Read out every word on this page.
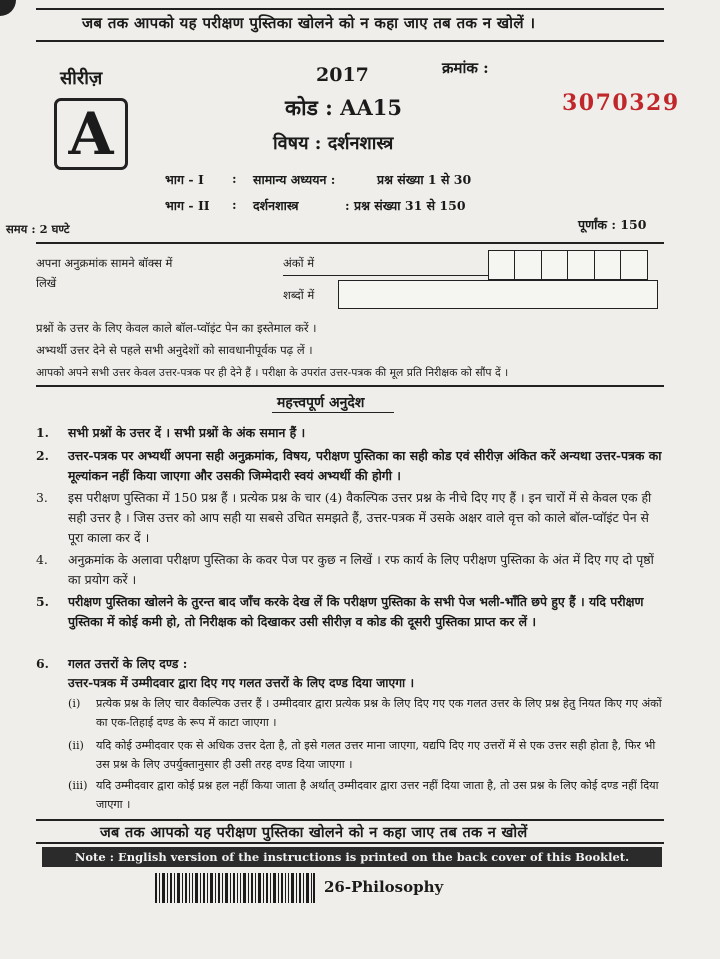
जब तक आपको यह परीक्षण पुस्तिका खोलने को न कहा जाए तब तक न खोलें ।
सीरीज़
A
2017	क्रमांक :
3070329
कोड : AA15
विषय : दर्शनशास्त्र
भाग - I : सामान्य अध्ययन :	प्रश्न संख्या 1 से 30
भाग - II : दर्शनशास्त्र	: प्रश्न संख्या 31 से 150
समय : 2 घण्टे	पूर्णांक : 150
अपना अनुक्रमांक सामने बॉक्स में
लिखें
अंकों में
शब्दों में
प्रश्नों के उत्तर के लिए केवल काले बॉल-प्वॉइंट पेन का इस्तेमाल करें ।
अभ्यर्थी उत्तर देने से पहले सभी अनुदेशों को सावधानीपूर्वक पढ़ लें ।
आपको अपने सभी उत्तर केवल उत्तर-पत्रक पर ही देने हैं । परीक्षा के उपरांत उत्तर-पत्रक की मूल प्रति निरीक्षक को सौंप दें ।
महत्त्वपूर्ण अनुदेश
1.	सभी प्रश्नों के उत्तर दें । सभी प्रश्नों के अंक समान हैं ।
2.	उत्तर-पत्रक पर अभ्यर्थी अपना सही अनुक्रमांक, विषय, परीक्षण पुस्तिका का सही कोड एवं सीरीज़ अंकित करें अन्यथा उत्तर-पत्रक का मूल्यांकन नहीं किया जाएगा और उसकी जिम्मेदारी स्वयं अभ्यर्थी की होगी ।
3.	इस परीक्षण पुस्तिका में 150 प्रश्न हैं । प्रत्येक प्रश्न के चार (4) वैकल्पिक उत्तर प्रश्न के नीचे दिए गए हैं । इन चारों में से केवल एक ही सही उत्तर है । जिस उत्तर को आप सही या सबसे उचित समझते हैं, उत्तर-पत्रक में उसके अक्षर वाले वृत्त को काले बॉल-प्वॉइंट पेन से पूरा काला कर दें ।
4.	अनुक्रमांक के अलावा परीक्षण पुस्तिका के कवर पेज पर कुछ न लिखें । रफ कार्य के लिए परीक्षण पुस्तिका के अंत में दिए गए दो पृष्ठों का प्रयोग करें ।
5.	परीक्षण पुस्तिका खोलने के तुरन्त बाद जाँच करके देख लें कि परीक्षण पुस्तिका के सभी पेज भली-भाँति छपे हुए हैं । यदि परीक्षण पुस्तिका में कोई कमी हो, तो निरीक्षक को दिखाकर उसी सीरीज़ व कोड की दूसरी पुस्तिका प्राप्त कर लें ।
6.	गलत उत्तरों के लिए दण्ड :
उत्तर-पत्रक में उम्मीदवार द्वारा दिए गए गलत उत्तरों के लिए दण्ड दिया जाएगा ।
(i)	प्रत्येक प्रश्न के लिए चार वैकल्पिक उत्तर हैं । उम्मीदवार द्वारा प्रत्येक प्रश्न के लिए दिए गए एक गलत उत्तर के लिए प्रश्न हेतु नियत किए गए अंकों का एक-तिहाई दण्ड के रूप में काटा जाएगा ।
(ii)	यदि कोई उम्मीदवार एक से अधिक उत्तर देता है, तो इसे गलत उत्तर माना जाएगा, यद्यपि दिए गए उत्तरों में से एक उत्तर सही होता है, फिर भी उस प्रश्न के लिए उपर्युक्तानुसार ही उसी तरह दण्ड दिया जाएगा ।
(iii) यदि उम्मीदवार द्वारा कोई प्रश्न हल नहीं किया जाता है अर्थात् उम्मीदवार द्वारा उत्तर नहीं दिया जाता है, तो उस प्रश्न के लिए कोई दण्ड नहीं दिया जाएगा ।
जब तक आपको यह परीक्षण पुस्तिका खोलने को न कहा जाए तब तक न खोलें
Note : English version of the instructions is printed on the back cover of this Booklet.
26-Philosophy
